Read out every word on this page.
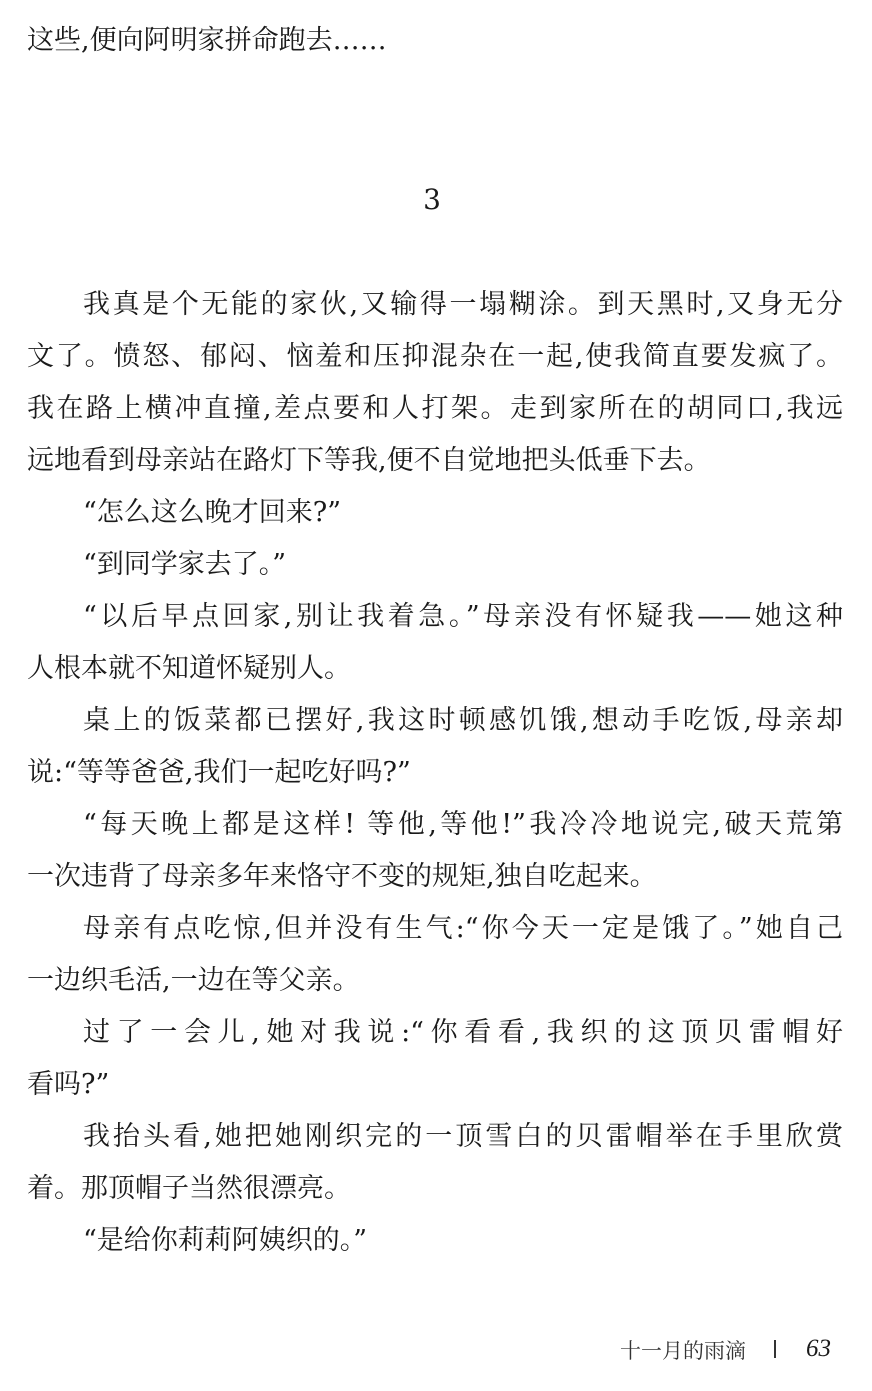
这些,便向阿明家拼命跑去……
3
我真是个无能的家伙,又输得一塌糊涂。到天黑时,又身无分
文了。愤怒、郁闷、恼羞和压抑混杂在一起,使我简直要发疯了。
我在路上横冲直撞,差点要和人打架。走到家所在的胡同口,我远
远地看到母亲站在路灯下等我,便不自觉地把头低垂下去。
“怎么这么晚才回来?”
“到同学家去了。”
“以后早点回家,别让我着急。”母亲没有怀疑我——她这种
人根本就不知道怀疑别人。
桌上的饭菜都已摆好,我这时顿感饥饿,想动手吃饭,母亲却
说:“等等爸爸,我们一起吃好吗?”
“每天晚上都是这样! 等他,等他!”我冷冷地说完,破天荒第
一次违背了母亲多年来恪守不变的规矩,独自吃起来。
母亲有点吃惊,但并没有生气:“你今天一定是饿了。”她自己
一边织毛活,一边在等父亲。
过了一会儿,她对我说:“你看看,我织的这顶贝雷帽好
看吗?”
我抬头看,她把她刚织完的一顶雪白的贝雷帽举在手里欣赏
着。那顶帽子当然很漂亮。
“是给你莉莉阿姨织的。”
十一月的雨滴 63
